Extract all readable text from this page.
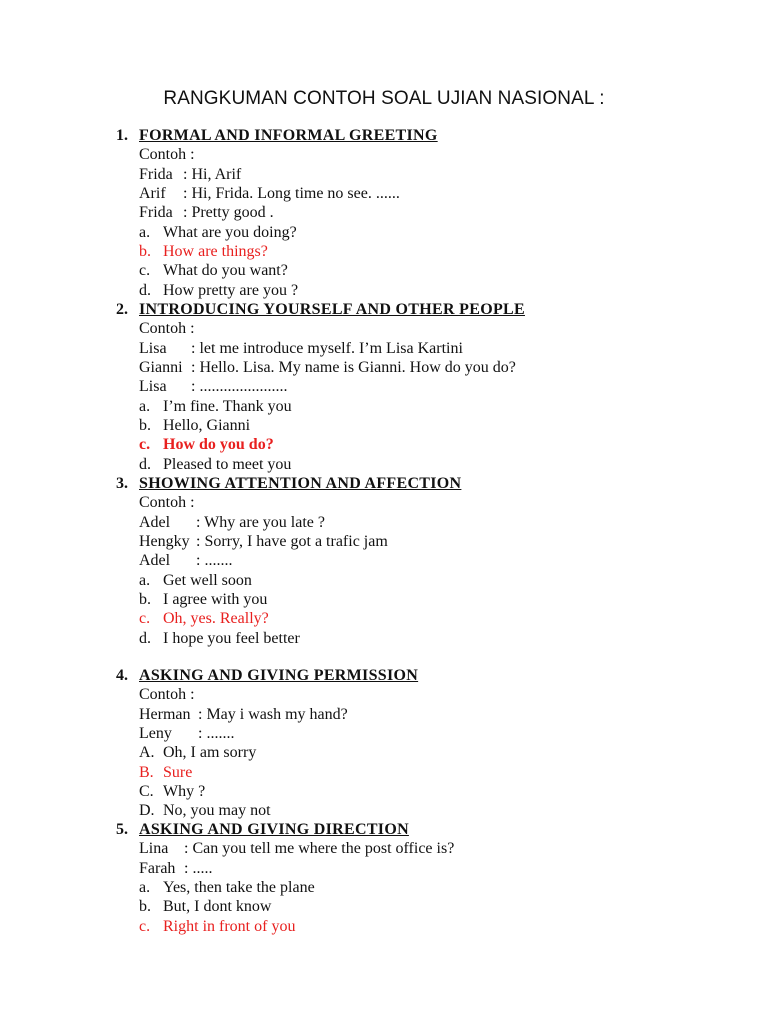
RANGKUMAN CONTOH SOAL UJIAN NASIONAL :
1. FORMAL AND INFORMAL GREETING
Contoh :
Frida : Hi, Arif
Arif : Hi, Frida. Long time no see. ......
Frida : Pretty good .
a. What are you doing?
b. How are things?
c. What do you want?
d. How pretty are you ?
2. INTRODUCING YOURSELF AND OTHER PEOPLE
Contoh :
Lisa : let me introduce myself. I’m Lisa Kartini
Gianni : Hello. Lisa. My name is Gianni. How do you do?
Lisa : ......................
a. I’m fine. Thank you
b. Hello, Gianni
c. How do you do?
d. Pleased to meet you
3. SHOWING ATTENTION AND AFFECTION
Contoh :
Adel : Why are you late ?
Hengky : Sorry, I have got a trafic jam
Adel : .......
a. Get well soon
b. I agree with you
c. Oh, yes. Really?
d. I hope you feel better
4. ASKING AND GIVING PERMISSION
Contoh :
Herman : May i wash my hand?
Leny : .......
A. Oh, I am sorry
B. Sure
C. Why ?
D. No, you may not
5. ASKING AND GIVING DIRECTION
Lina : Can you tell me where the post office is?
Farah : .....
a. Yes, then take the plane
b. But, I dont know
c. Right in front of you
